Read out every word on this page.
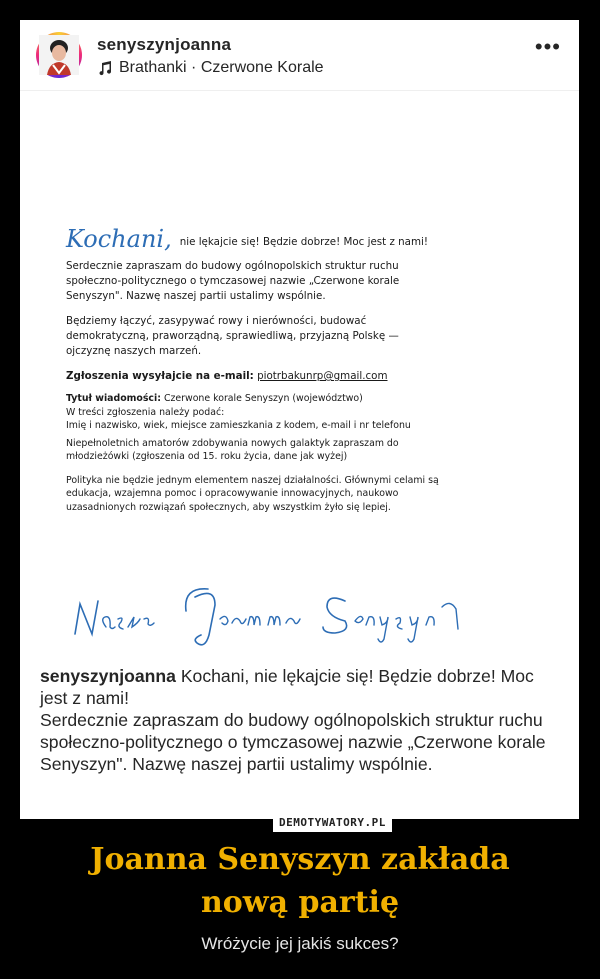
senyszynjoanna
Brathanki · Czerwone Korale
•••
Kochani, nie lękajcie się! Będzie dobrze! Moc jest z nami!

Serdecznie zapraszam do budowy ogólnopolskich struktur ruchu

społeczno-politycznego o tymczasowej nazwie „Czerwone korale

Senyszyn". Nazwę naszej partii ustalimy wspólnie.

Będziemy łączyć, zasypywać rowy i nierówności, budować

demokratyczną, praworządną, sprawiedliwą, przyjazną Polskę —

ojczyznę naszych marzeń.

Zgłoszenia wysyłajcie na e-mail: piotrbakunrp@gmail.com

Tytuł wiadomości: Czerwone korale Senyszyn (województwo)

W treści zgłoszenia należy podać:

Imię i nazwisko, wiek, miejsce zamieszkania z kodem, e-mail i nr telefonu

Niepełnoletnich amatorów zdobywania nowych galaktyk zapraszam do

młodzieżówki (zgłoszenia od 15. roku życia, dane jak wyżej)

Polityka nie będzie jednym elementem naszej działalności. Głównymi celami są

edukacja, wzajemna pomoc i opracowywanie innowacyjnych, naukowo

uzasadnionych rozwiązań społecznych, aby wszystkim żyło się lepiej.

senyszynjoanna Kochani, nie lękajcie się! Będzie dobrze! Moc jest z nami!

Serdecznie zapraszam do budowy ogólnopolskich struktur ruchu społeczno-politycznego o tymczasowej nazwie „Czerwone korale Senyszyn". Nazwę naszej partii ustalimy wspólnie.

DEMOTYWATORY.PL
Joanna Senyszyn zakłada
nową partię
Wróżycie jej jakiś sukces?
